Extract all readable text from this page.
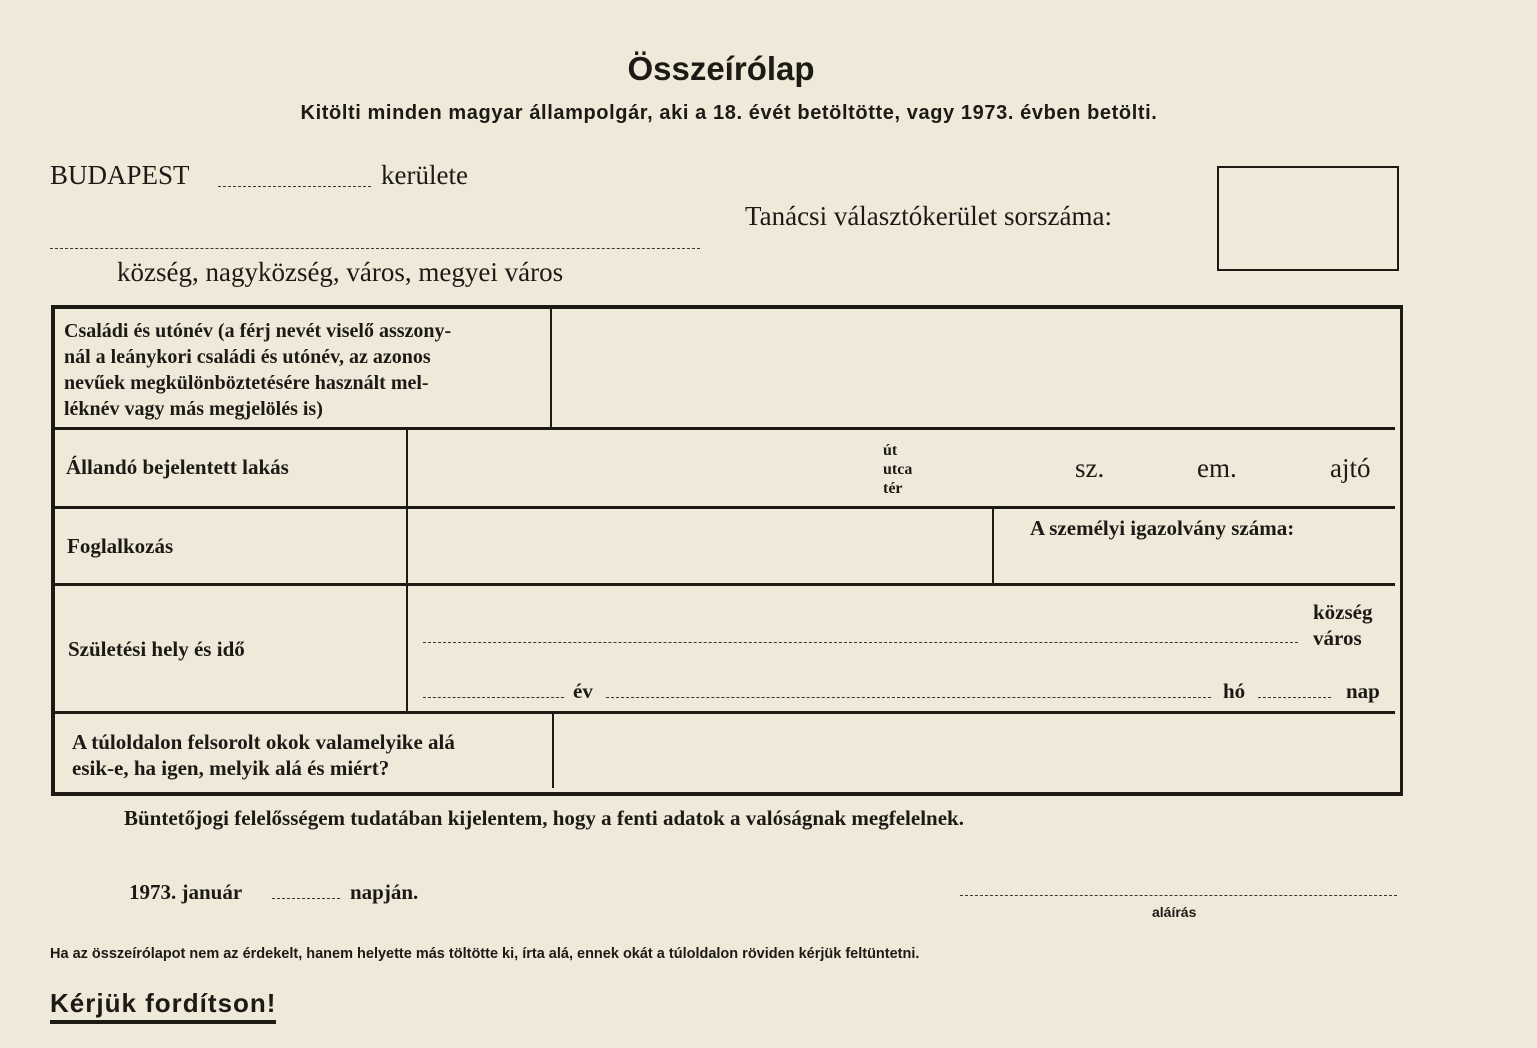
Összeírólap
Kitölti minden magyar állampolgár, aki a 18. évét betöltötte, vagy 1973. évben betölti.
BUDAPEST	kerülete
Tanácsi választókerület sorszáma:
község, nagyközség, város, megyei város
Családi és utónév (a férj nevét viselő asszony-
nál a leánykori családi és utónév, az azonos
nevűek megkülönböztetésére használt mel-
léknév vagy más megjelölés is)
Állandó bejelentett lakás
út
utca
tér
sz.	em.	ajtó
Foglalkozás
A személyi igazolvány száma:
Születési hely és idő
község
város
év	hó	nap
A túloldalon felsorolt okok valamelyike alá
esik-e, ha igen, melyik alá és miért?
Büntetőjogi felelősségem tudatában kijelentem, hogy a fenti adatok a valóságnak megfelelnek.
1973. január	napján.
aláírás
Ha az összeírólapot nem az érdekelt, hanem helyette más töltötte ki, írta alá, ennek okát a túloldalon röviden kérjük feltüntetni.
Kérjük fordítson!
